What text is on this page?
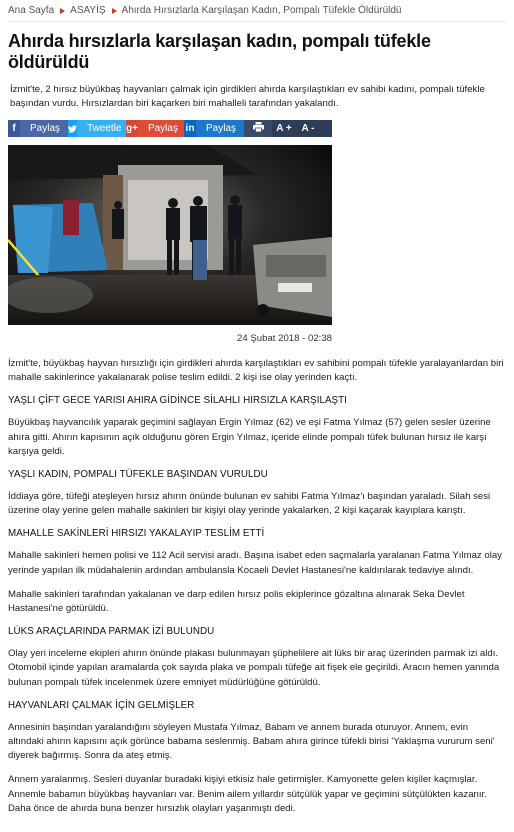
Ana Sayfa ASAYİŞ Ahırda Hırsızlarla Karşılaşan Kadın, Pompalı Tüfekle Öldürüldü
Ahırda hırsızlarla karşılaşan kadın, pompalı tüfekle öldürüldü

İzmit'te, 2 hırsız büyükbaş hayvanları çalmak için girdikleri ahırda karşılaştıkları ev sahibi kadını, pompalı tüfekle başından vurdu. Hırsızlardan biri kaçarken biri mahalleli tarafından yakalandı.

f	Paylaş	Tweetle g+	Paylaş in	Paylaş	A + A -
24 Şubat 2018 - 02:38

İzmit'te, büyükbaş hayvan hırsızlığı için girdikleri ahırda karşılaştıkları ev sahibini pompalı tüfekle yaralayanlardan biri mahalle sakinlerince yakalanarak polise teslim edildi. 2 kişi ise olay yerinden kaçtı.

YAŞLI ÇİFT GECE YARISI AHIRA GİDİNCE SİLAHLI HIRSIZLA KARŞILAŞTI

Büyükbaş hayvancılık yaparak geçimini sağlayan Ergin Yılmaz (62) ve eşi Fatma Yılmaz (57) gelen sesler üzerine ahıra gitti. Ahırın kapısının açık olduğunu gören Ergin Yılmaz, içeride elinde pompalı tüfek bulunan hırsız ile karşı karşıya geldi.

YAŞLI KADIN, POMPALI TÜFEKLE BAŞINDAN VURULDU

İddiaya göre, tüfeği ateşleyen hırsız ahırın önünde bulunan ev sahibi Fatma Yılmaz'ı başından yaraladı. Silah sesi üzerine olay yerine gelen mahalle sakinleri bir kişiyi olay yerinde yakalarken, 2 kişi kaçarak kayıplara karıştı.

MAHALLE SAKİNLERİ HIRSIZI YAKALAYIP TESLİM ETTİ

Mahalle sakinleri hemen polisi ve 112 Acil servisi aradı. Başına isabet eden saçmalarla yaralanan Fatma Yılmaz olay yerinde yapılan ilk müdahalenin ardından ambulansla Kocaeli Devlet Hastanesi'ne kaldırılarak tedaviye alındı.

Mahalle sakinleri tarafından yakalanan ve darp edilen hırsız polis ekiplerince gözaltına alınarak Seka Devlet Hastanesi'ne götürüldü.

LÜKS ARAÇLARINDA PARMAK İZİ BULUNDU

Olay yeri inceleme ekipleri ahırın önünde plakası bulunmayan şüphelilere ait lüks bir araç üzerinden parmak izi aldı. Otomobil içinde yapılan aramalarda çok sayıda plaka ve pompalı tüfeğe ait fişek ele geçirildi. Aracın hemen yanında bulunan pompalı tüfek incelenmek üzere emniyet müdürlüğüne götürüldü.

HAYVANLARI ÇALMAK İÇİN GELMİŞLER

Annesinin başından yaralandığını söyleyen Mustafa Yılmaz, Babam ve annem burada oturuyor. Annem, evin altındaki ahırın kapısını açık görünce babama seslenmiş. Babam ahıra girince tüfekli birisi 'Yaklaşma vururum seni' diyerek bağırmış. Sonra da ateş etmiş.

Annem yaralanmış. Sesleri duyanlar buradaki kişiyi etkisiz hale getirmişler. Kamyonette gelen kişiler kaçmışlar. Annemle babamın büyükbaş hayvanları var. Benim ailem yıllardır sütçülük yapar ve geçimini sütçülükten kazanır. Daha önce de ahırda buna benzer hırsızlık olayları yaşanmıştı dedi.
